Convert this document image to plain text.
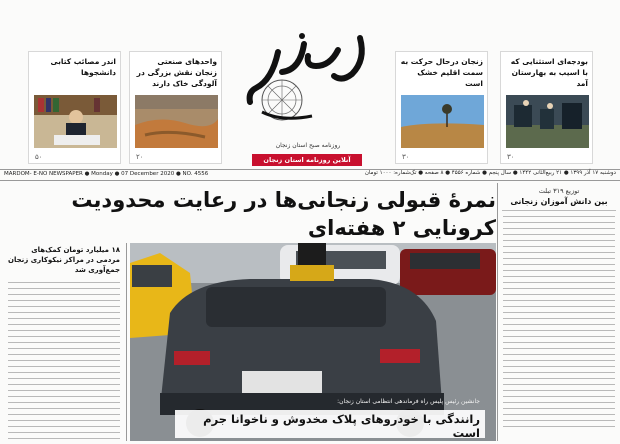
بودجه‌ای استثنایی که با اسیب به بهارستان آمد
۳۰
زنجان درحال حرکت به سمت اقلیم خشک است
۳۰
واحدهای صنعتی زنجان نقش بزرگی در آلودگی خاک دارند
۲۰
اندر مصائب کتابی دانشجوها
۵۰
روزنامه صبح استان زنجان
آنلاین روزنامه استان زنجان
MARDOM- E-NO NEWSPAPER ● Monday ● 07 December 2020 ● NO. 4556	دوشنبه ۱۷ آذر ۱۳۹۹ ● ۲۱ ربیع‌الثانی ۱۴۴۲ ● سال پنجم ● شماره ۴۵۵۶ ● ۸ صفحه ● تک‌شماره: ۱۰۰۰ تومان
نمرۀ قبولی زنجانی‌ها در رعایت محدودیت کرونایی ۲ هفته‌ای
توزیع ۳۱۹ تبلت
بین دانش آموزان زنجانی
۱۸ میلیارد تومان کمک‌های مردمی در مراکز نیکوکاری زنجان جمع‌آوری شد
جانشین رئیس پلیس راه فرماندهی انتظامی استان زنجان:
رانندگی با خودروهای پلاک مخدوش و ناخوانا جرم است
